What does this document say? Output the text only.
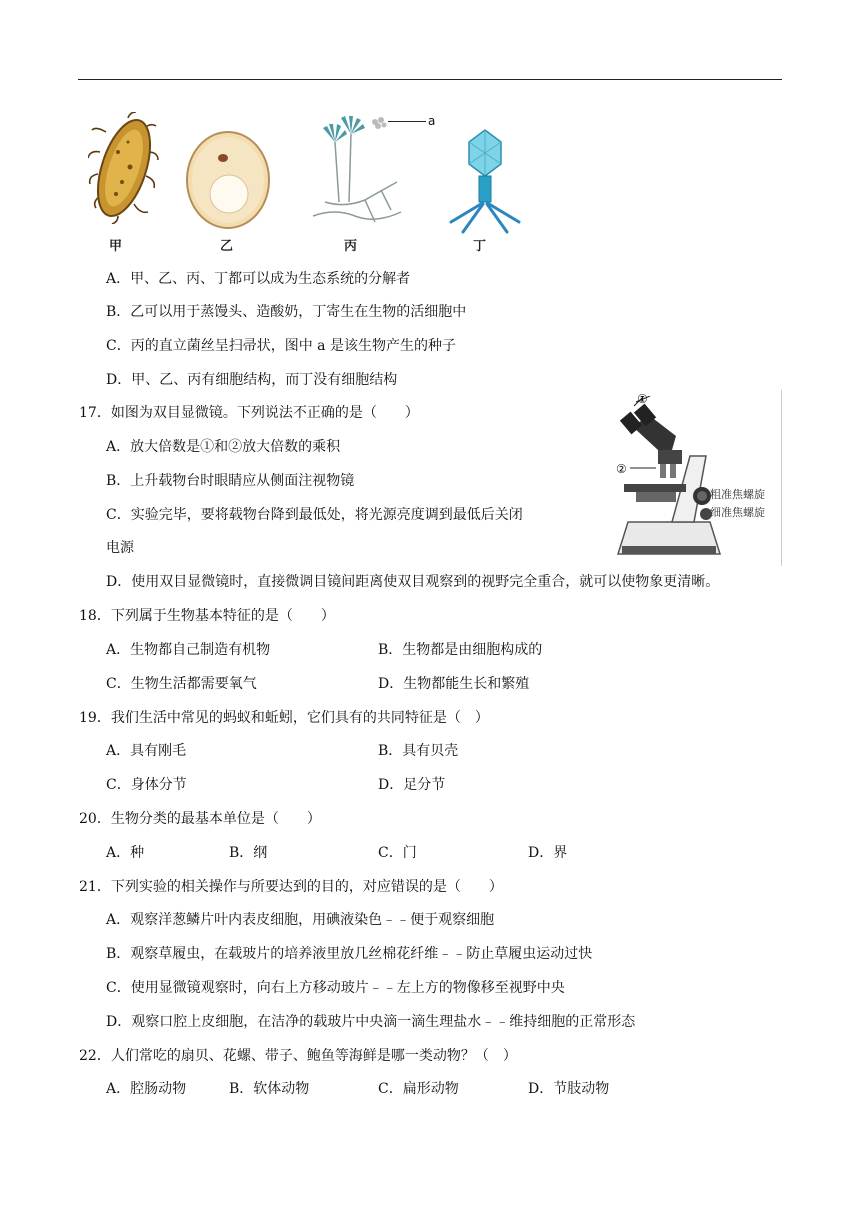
a
甲	乙	丙	丁
A．甲、乙、丙、丁都可以成为生态系统的分解者
B．乙可以用于蒸馒头、造酸奶，丁寄生在生物的活细胞中
C．丙的直立菌丝呈扫帚状，图中 a 是该生物产生的种子
D．甲、乙、丙有细胞结构，而丁没有细胞结构
17．如图为双目显微镜。下列说法不正确的是（　　）
A．放大倍数是①和②放大倍数的乘积
B．上升载物台时眼睛应从侧面注视物镜
C．实验完毕，要将载物台降到最低处，将光源亮度调到最低后关闭
电源
D．使用双目显微镜时，直接微调目镜间距离使双目观察到的视野完全重合，就可以使物象更清晰。
①
②
粗准焦螺旋
细准焦螺旋
18．下列属于生物基本特征的是（　　）
A．生物都自己制造有机物	B．生物都是由细胞构成的
C．生物生活都需要氧气	D．生物都能生长和繁殖
19．我们生活中常见的蚂蚁和蚯蚓，它们具有的共同特征是（　）
A．具有刚毛	B．具有贝壳
C．身体分节	D．足分节
20．生物分类的最基本单位是（　　）
A．种	B．纲	C．门	D．界
21．下列实验的相关操作与所要达到的目的，对应错误的是（　　）
A．观察洋葱鳞片叶内表皮细胞，用碘液染色﹣﹣便于观察细胞
B．观察草履虫，在载玻片的培养液里放几丝棉花纤维﹣﹣防止草履虫运动过快
C．使用显微镜观察时，向右上方移动玻片﹣﹣左上方的物像移至视野中央
D．观察口腔上皮细胞，在洁净的载玻片中央滴一滴生理盐水﹣﹣维持细胞的正常形态
22．人们常吃的扇贝、花螺、带子、鲍鱼等海鲜是哪一类动物？（　）
A．腔肠动物	B．软体动物	C．扁形动物	D．节肢动物
